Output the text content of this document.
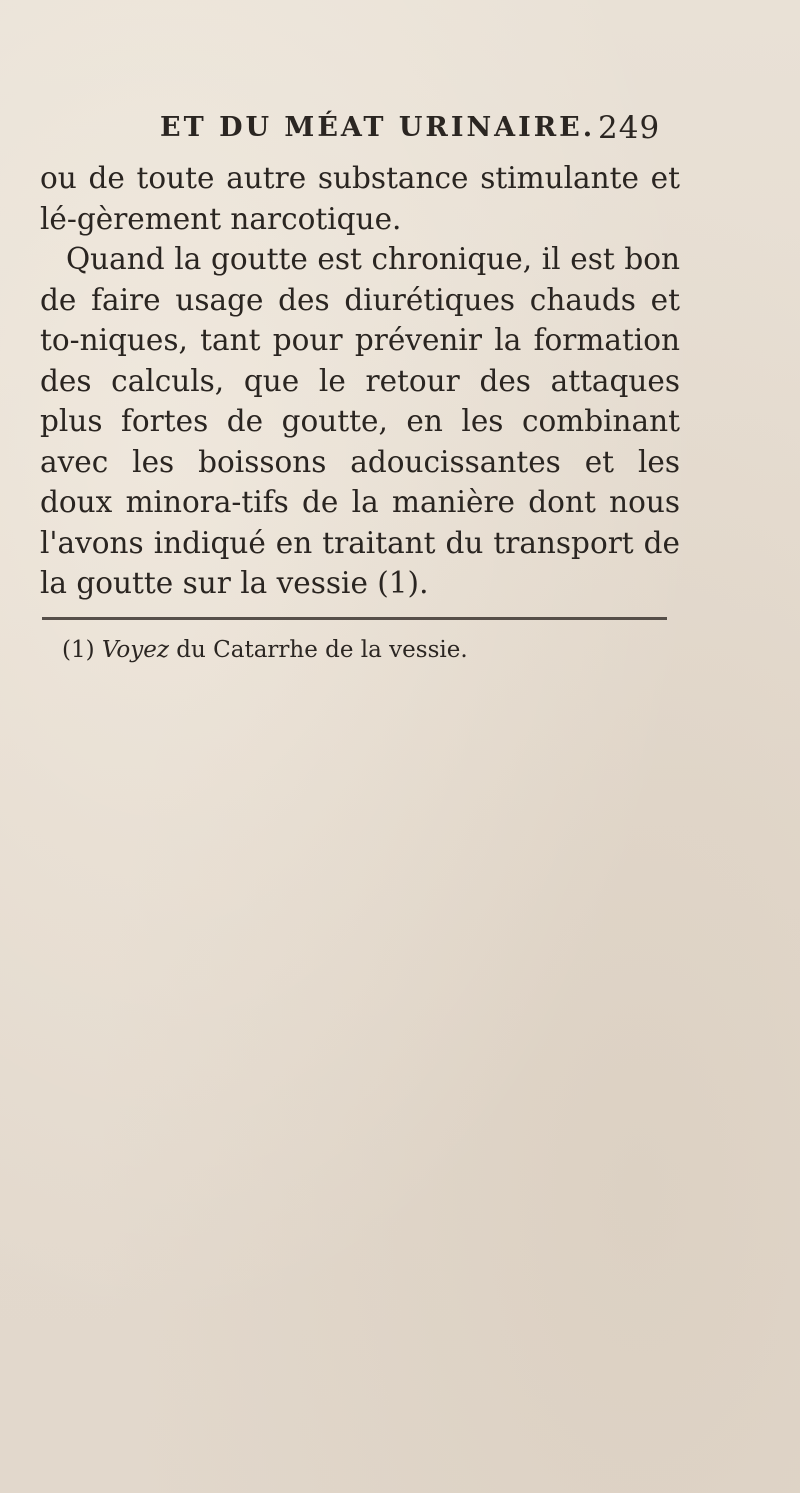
ET DU MÉAT URINAIRE. 249

ou de toute autre substance stimulante et lé-gèrement narcotique.

Quand la goutte est chronique, il est bon de faire usage des diurétiques chauds et to-niques, tant pour prévenir la formation des calculs, que le retour des attaques plus fortes de goutte, en les combinant avec les boissons adoucissantes et les doux minora-tifs de la manière dont nous l'avons indiqué en traitant du transport de la goutte sur la vessie (1).

(1) Voyez du Catarrhe de la vessie.
